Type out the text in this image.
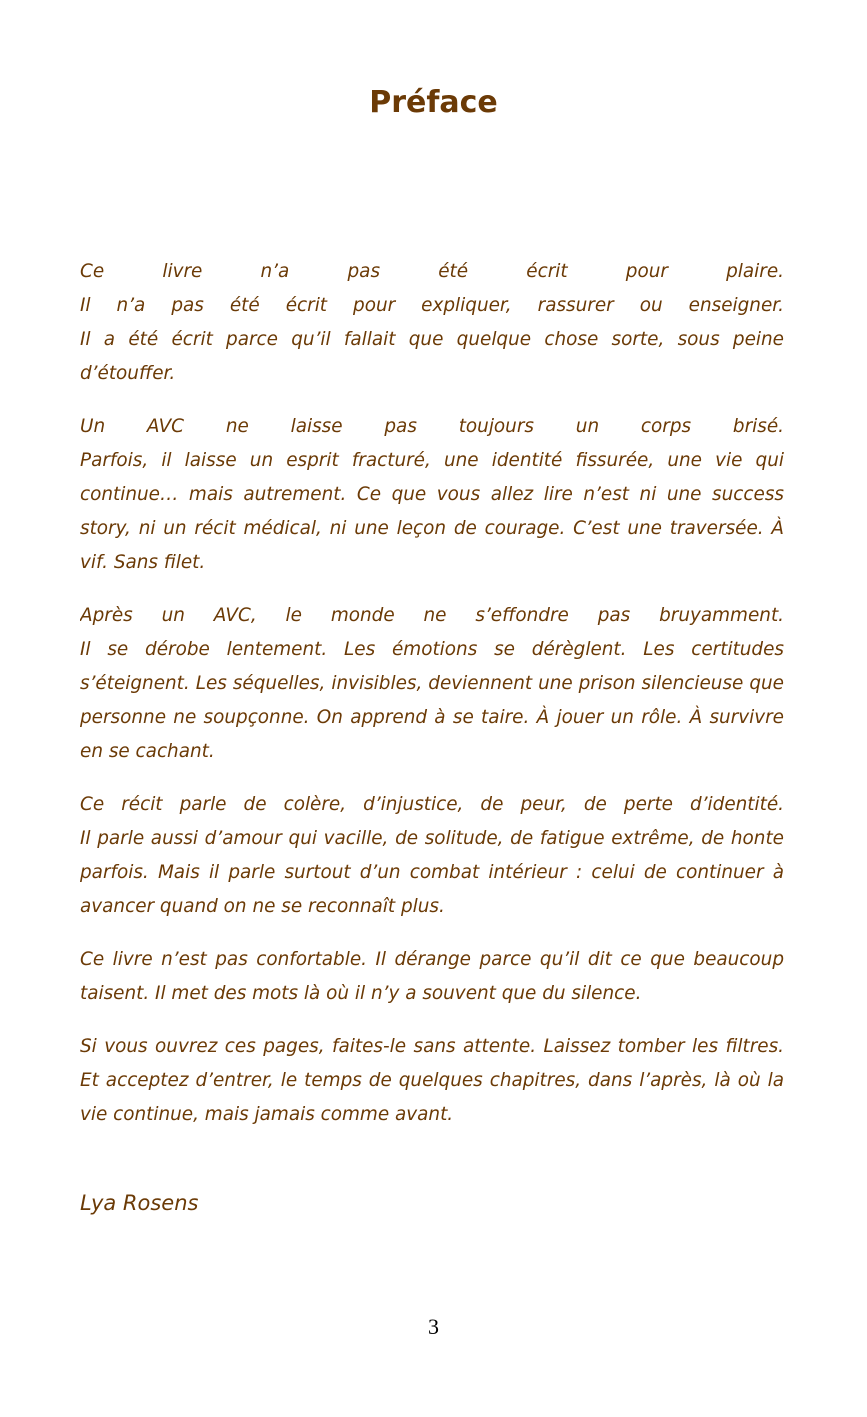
Préface

Ce livre n’a pas été écrit pour plaire.
Il n’a pas été écrit pour expliquer, rassurer ou enseigner.
Il a été écrit parce qu’il fallait que quelque chose sorte, sous peine
d’étouffer.

Un AVC ne laisse pas toujours un corps brisé.
Parfois, il laisse un esprit fracturé, une identité fissurée, une vie qui
continue… mais autrement. Ce que vous allez lire n’est ni une success
story, ni un récit médical, ni une leçon de courage. C’est une traversée. À
vif. Sans filet.

Après un AVC, le monde ne s’effondre pas bruyamment.
Il se dérobe lentement. Les émotions se dérèglent. Les certitudes
s’éteignent. Les séquelles, invisibles, deviennent une prison silencieuse que
personne ne soupçonne. On apprend à se taire. À jouer un rôle. À survivre
en se cachant.

Ce récit parle de colère, d’injustice, de peur, de perte d’identité.
Il parle aussi d’amour qui vacille, de solitude, de fatigue extrême, de honte
parfois. Mais il parle surtout d’un combat intérieur : celui de continuer à
avancer quand on ne se reconnaît plus.

Ce livre n’est pas confortable. Il dérange parce qu’il dit ce que beaucoup
taisent. Il met des mots là où il n’y a souvent que du silence.

Si vous ouvrez ces pages, faites-le sans attente. Laissez tomber les filtres.
Et acceptez d’entrer, le temps de quelques chapitres, dans l’après, là où la
vie continue, mais jamais comme avant.

Lya Rosens

3
